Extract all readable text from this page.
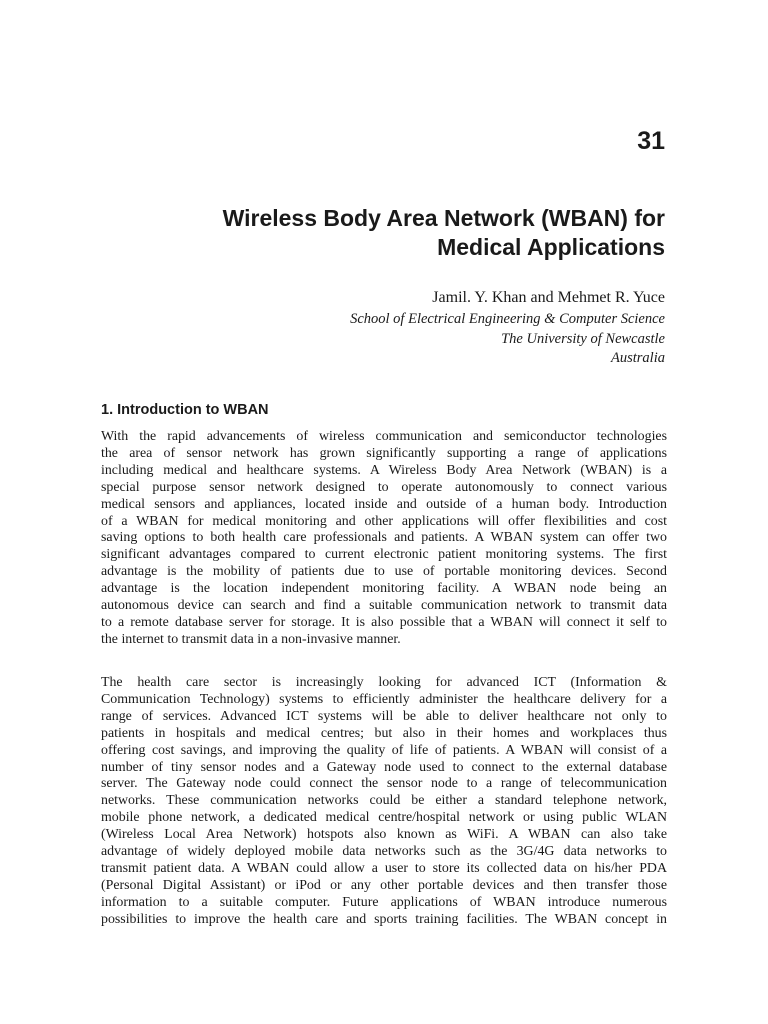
31
Wireless Body Area Network (WBAN) for
Medical Applications

Jamil. Y. Khan and Mehmet R. Yuce

School of Electrical Engineering & Computer Science

The University of Newcastle

Australia

1. Introduction to WBAN
With the rapid advancements of wireless communication and semiconductor technologies
the area of sensor network has grown significantly supporting a range of applications
including medical and healthcare systems. A Wireless Body Area Network (WBAN) is a
special purpose sensor network designed to operate autonomously to connect various
medical sensors and appliances, located inside and outside of a human body. Introduction
of a WBAN for medical monitoring and other applications will offer flexibilities and cost
saving options to both health care professionals and patients. A WBAN system can offer two
significant advantages compared to current electronic patient monitoring systems. The first
advantage is the mobility of patients due to use of portable monitoring devices. Second
advantage is the location independent monitoring facility. A WBAN node being an
autonomous device can search and find a suitable communication network to transmit data
to a remote database server for storage. It is also possible that a WBAN will connect it self to
the internet to transmit data in a non-invasive manner.
The health care sector is increasingly looking for advanced ICT (Information &
Communication Technology) systems to efficiently administer the healthcare delivery for a
range of services. Advanced ICT systems will be able to deliver healthcare not only to
patients in hospitals and medical centres; but also in their homes and workplaces thus
offering cost savings, and improving the quality of life of patients. A WBAN will consist of a
number of tiny sensor nodes and a Gateway node used to connect to the external database
server. The Gateway node could connect the sensor node to a range of telecommunication
networks. These communication networks could be either a standard telephone network,
mobile phone network, a dedicated medical centre/hospital network or using public WLAN
(Wireless Local Area Network) hotspots also known as WiFi. A WBAN can also take
advantage of widely deployed mobile data networks such as the 3G/4G data networks to
transmit patient data. A WBAN could allow a user to store its collected data on his/her PDA
(Personal Digital Assistant) or iPod or any other portable devices and then transfer those
information to a suitable computer. Future applications of WBAN introduce numerous
possibilities to improve the health care and sports training facilities. The WBAN concept in
